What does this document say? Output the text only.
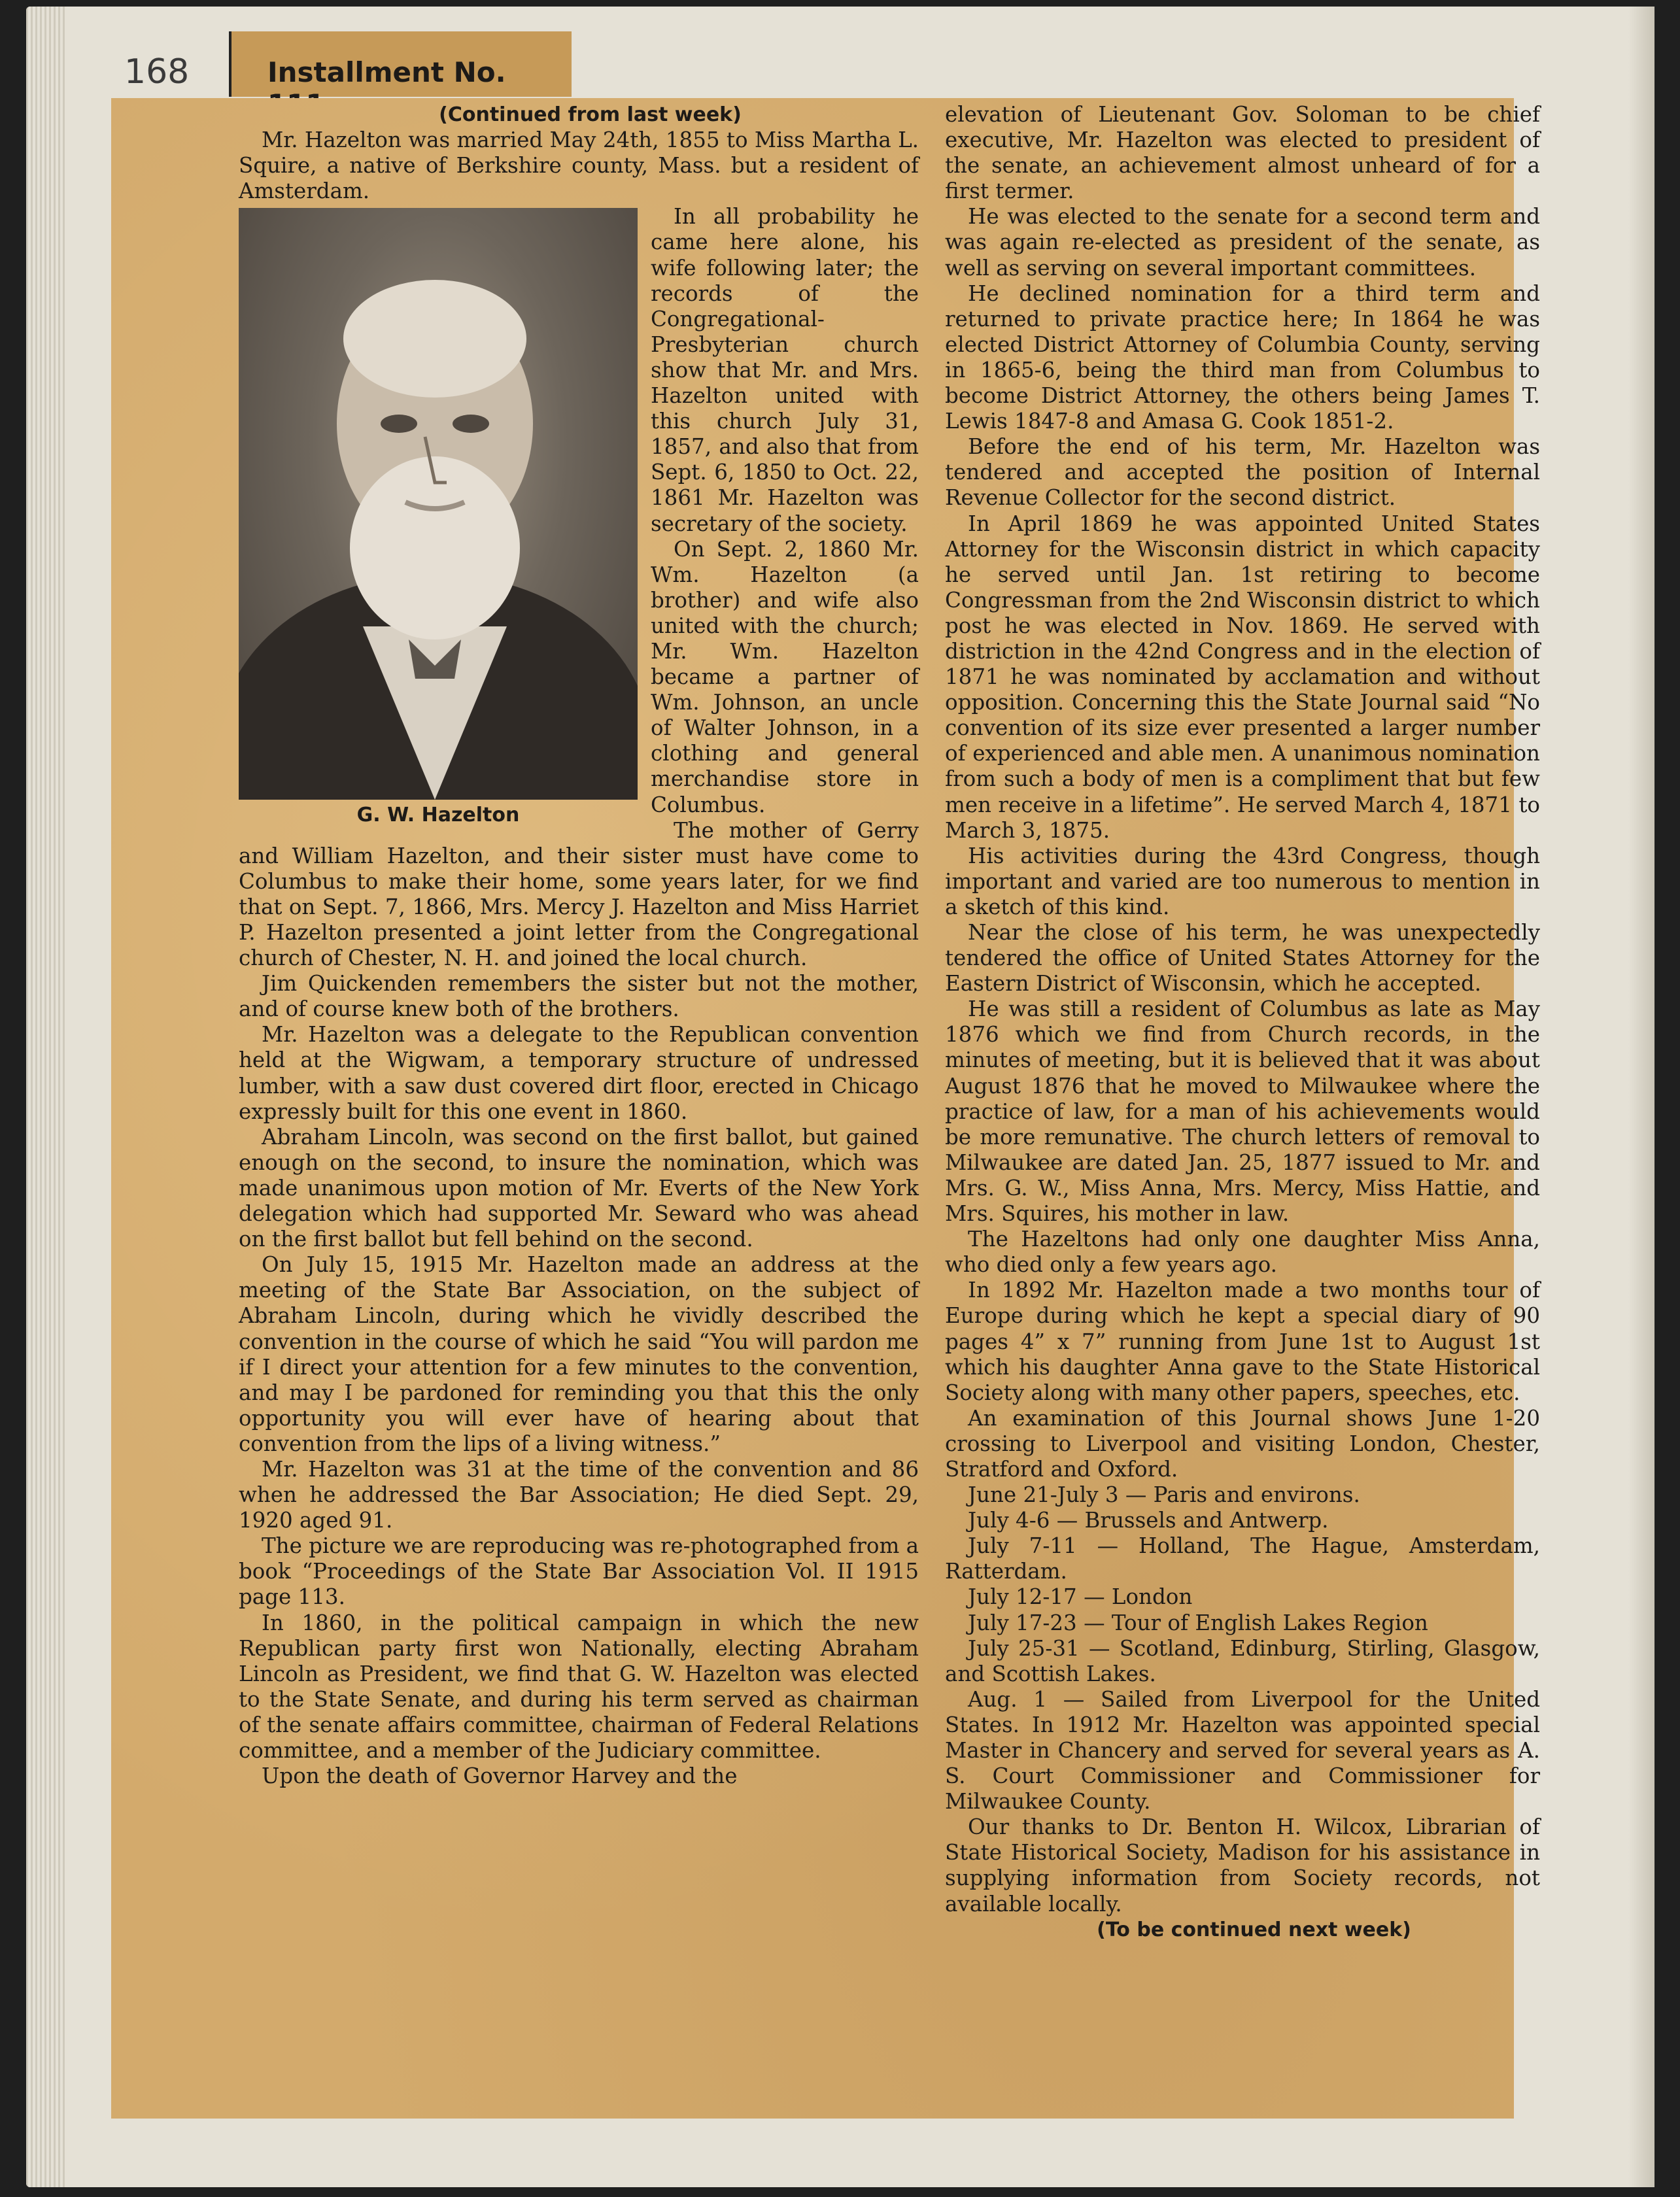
168	Installment No.

(Continued from last week)

Mr. Hazelton was married May 24th, 1855 to Miss Martha L. Squire, a native of Berkshire county, Mass. but a resident of Amsterdam.

G. W. Hazelton

In all probability he came here alone, his wife following later; the records of the Congregational-Presbyterian church show that Mr. and Mrs. Hazelton united with this church July 31, 1857, and also that from Sept. 6, 1850 to Oct. 22, 1861 Mr. Hazelton was secretary of the society.

On Sept. 2, 1860 Mr. Wm. Hazelton (a brother) and wife also united with the church; Mr. Wm. Hazelton became a partner of Wm. Johnson, an uncle of Walter Johnson, in a clothing and general merchandise store in Columbus.

The mother of Gerry and William Hazelton, and their sister must have come to Columbus to make their home, some years later, for we find that on Sept. 7, 1866, Mrs. Mercy J. Hazelton and Miss Harriet P. Hazelton presented a joint letter from the Congregational church of Chester, N. H. and joined the local church.

Jim Quickenden remembers the sister but not the mother, and of course knew both of the brothers.

Mr. Hazelton was a delegate to the Republican convention held at the Wigwam, a temporary structure of undressed lumber, with a saw dust covered dirt floor, erected in Chicago expressly built for this one event in 1860.

Abraham Lincoln, was second on the first ballot, but gained enough on the second, to insure the nomination, which was made unanimous upon motion of Mr. Everts of the New York delegation which had supported Mr. Seward who was ahead on the first ballot but fell behind on the second.

On July 15, 1915 Mr. Hazelton made an address at the meeting of the State Bar Association, on the subject of Abraham Lincoln, during which he vividly described the convention in the course of which he said “You will pardon me if I direct your attention for a few minutes to the convention, and may I be pardoned for reminding you that this the only opportunity you will ever have of hearing about that convention from the lips of a living witness.”

Mr. Hazelton was 31 at the time of the convention and 86 when he addressed the Bar Association; He died Sept. 29, 1920 aged 91.

The picture we are reproducing was re-photographed from a book “Proceedings of the State Bar Association Vol. II 1915 page 113.

In 1860, in the political campaign in which the new Republican party first won Nationally, electing Abraham Lincoln as President, we find that G. W. Hazelton was elected to the State Senate, and during his term served as chairman of the senate affairs committee, chairman of Federal Relations committee, and a member of the Judiciary committee.

Upon the death of Governor Harvey and the

elevation of Lieutenant Gov. Soloman to be chief executive, Mr. Hazelton was elected to president of the senate, an achievement almost unheard of for a first termer.

He was elected to the senate for a second term and was again re-elected as president of the senate, as well as serving on several important committees.

He declined nomination for a third term and returned to private practice here; In 1864 he was elected District Attorney of Columbia County, serving in 1865-6, being the third man from Columbus to become District Attorney, the others being James T. Lewis 1847-8 and Amasa G. Cook 1851-2.

Before the end of his term, Mr. Hazelton was tendered and accepted the position of Internal Revenue Collector for the second district.

In April 1869 he was appointed United States Attorney for the Wisconsin district in which capacity he served until Jan. 1st retiring to become Congressman from the 2nd Wisconsin district to which post he was elected in Nov. 1869. He served with distriction in the 42nd Congress and in the election of 1871 he was nominated by acclamation and without opposition. Concerning this the State Journal said “No convention of its size ever presented a larger number of experienced and able men. A unanimous nomination from such a body of men is a compliment that but few men receive in a lifetime”. He served March 4, 1871 to March 3, 1875.

His activities during the 43rd Congress, though important and varied are too numerous to mention in a sketch of this kind.

Near the close of his term, he was unexpectedly tendered the office of United States Attorney for the Eastern District of Wisconsin, which he accepted.

He was still a resident of Columbus as late as May 1876 which we find from Church records, in the minutes of meeting, but it is believed that it was about August 1876 that he moved to Milwaukee where the practice of law, for a man of his achievements would be more remunative. The church letters of removal to Milwaukee are dated Jan. 25, 1877 issued to Mr. and Mrs. G. W., Miss Anna, Mrs. Mercy, Miss Hattie, and Mrs. Squires, his mother in law.

The Hazeltons had only one daughter Miss Anna, who died only a few years ago.

In 1892 Mr. Hazelton made a two months tour of Europe during which he kept a special diary of 90 pages 4” x 7” running from June 1st to August 1st which his daughter Anna gave to the State Historical Society along with many other papers, speeches, etc.

An examination of this Journal shows June 1-20 crossing to Liverpool and visiting London, Chester, Stratford and Oxford.

June 21-July 3 — Paris and environs.

July 4-6 — Brussels and Antwerp.

July 7-11 — Holland, The Hague, Amsterdam, Ratterdam.

July 12-17 — London

July 17-23 — Tour of English Lakes Region

July 25-31 — Scotland, Edinburg, Stirling, Glasgow, and Scottish Lakes.

Aug. 1 — Sailed from Liverpool for the United States. In 1912 Mr. Hazelton was appointed special Master in Chancery and served for several years as A. S. Court Commissioner and Commissioner for Milwaukee County.

Our thanks to Dr. Benton H. Wilcox, Librarian of State Historical Society, Madison for his assistance in supplying information from Society records, not available locally.

(To be continued next week)
